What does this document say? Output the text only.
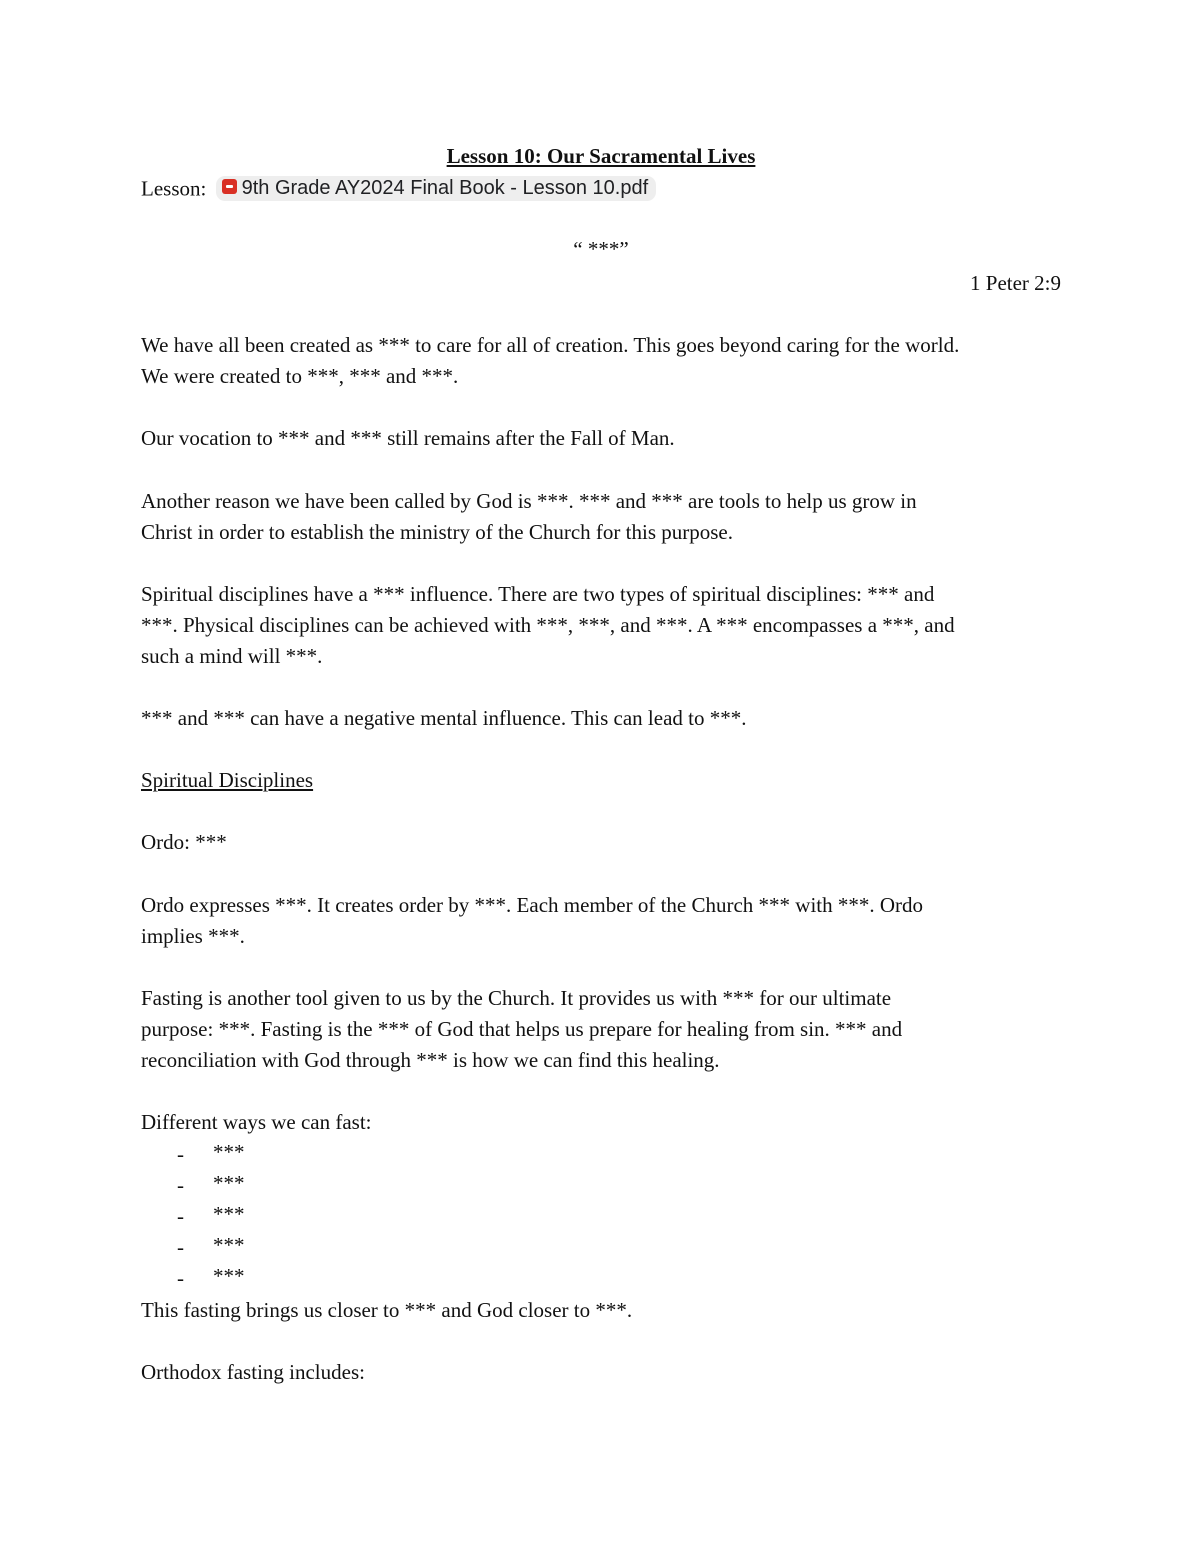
Lesson 10: Our Sacramental Lives
Lesson: 9th Grade AY2024 Final Book - Lesson 10.pdf
“ ***”
1 Peter 2:9
We have all been created as *** to care for all of creation. This goes beyond caring for the world.
We were created to ***, *** and ***.
Our vocation to *** and *** still remains after the Fall of Man.
Another reason we have been called by God is ***. *** and *** are tools to help us grow in
Christ in order to establish the ministry of the Church for this purpose.
Spiritual disciplines have a *** influence. There are two types of spiritual disciplines: *** and
***. Physical disciplines can be achieved with ***, ***, and ***. A *** encompasses a ***, and
such a mind will ***.
*** and *** can have a negative mental influence. This can lead to ***.
Spiritual Disciplines
Ordo: ***
Ordo expresses ***. It creates order by ***. Each member of the Church *** with ***. Ordo
implies ***.
Fasting is another tool given to us by the Church. It provides us with *** for our ultimate
purpose: ***. Fasting is the *** of God that helps us prepare for healing from sin. *** and
reconciliation with God through *** is how we can find this healing.
Different ways we can fast:
- ***
- ***
- ***
- ***
- ***
This fasting brings us closer to *** and God closer to ***.
Orthodox fasting includes:
